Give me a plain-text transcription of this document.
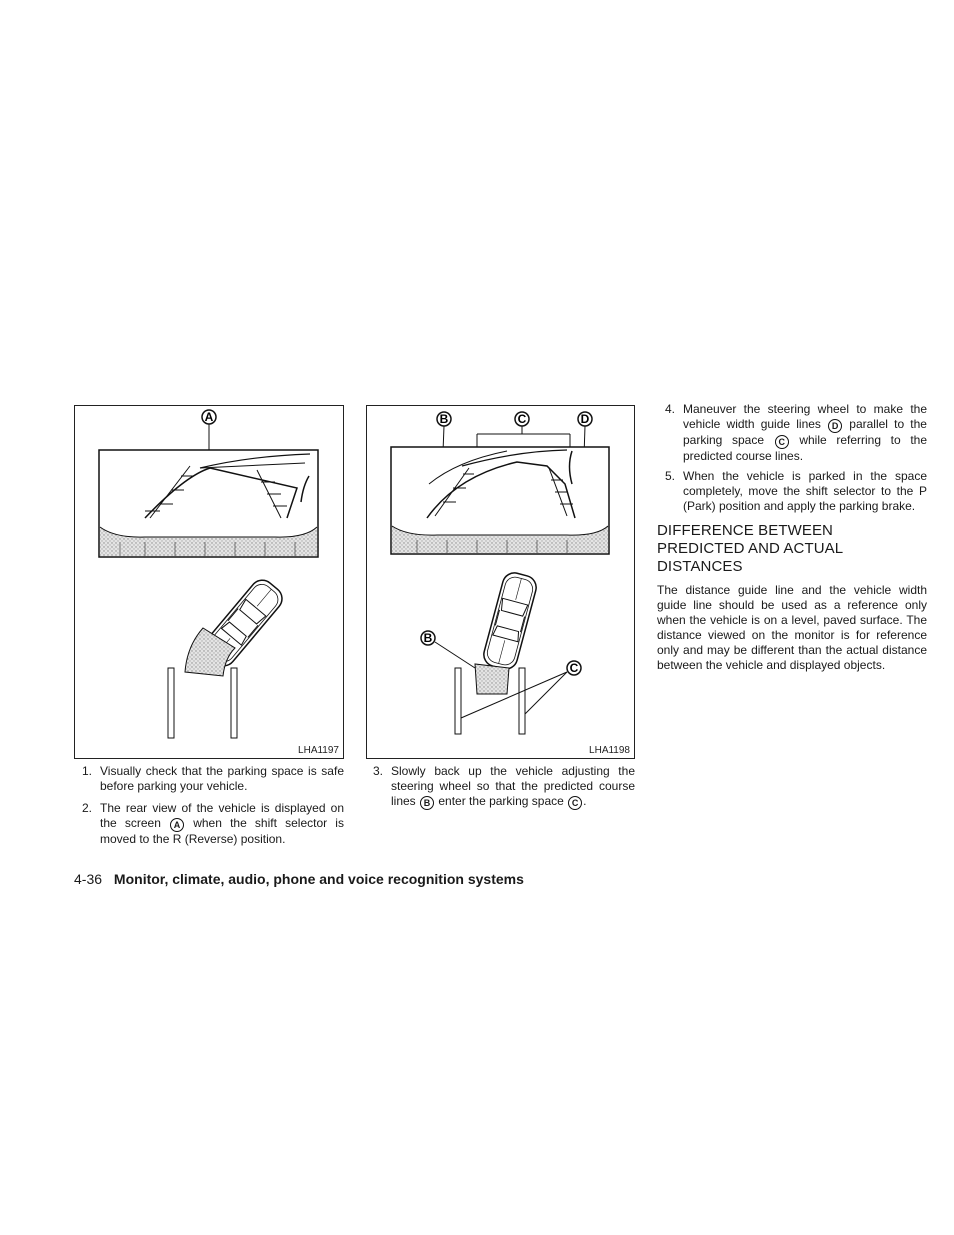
A
LHA1197
B	C	D
B
C
LHA1198
1. Visually check that the parking space is safe before parking your vehicle.
2. The rear view of the vehicle is displayed on the screen A when the shift selector is moved to the R (Reverse) position.
3. Slowly back up the vehicle adjusting the steering wheel so that the predicted course lines B enter the parking space C .
4. Maneuver the steering wheel to make the vehicle width guide lines D parallel to the parking space C while referring to the predicted course lines.
5. When the vehicle is parked in the space completely, move the shift selector to the P (Park) position and apply the parking brake.
DIFFERENCE BETWEEN PREDICTED AND ACTUAL DISTANCES
The distance guide line and the vehicle width guide line should be used as a reference only when the vehicle is on a level, paved surface. The distance viewed on the monitor is for reference only and may be different than the actual distance between the vehicle and displayed objects.
4-36 Monitor, climate, audio, phone and voice recognition systems
